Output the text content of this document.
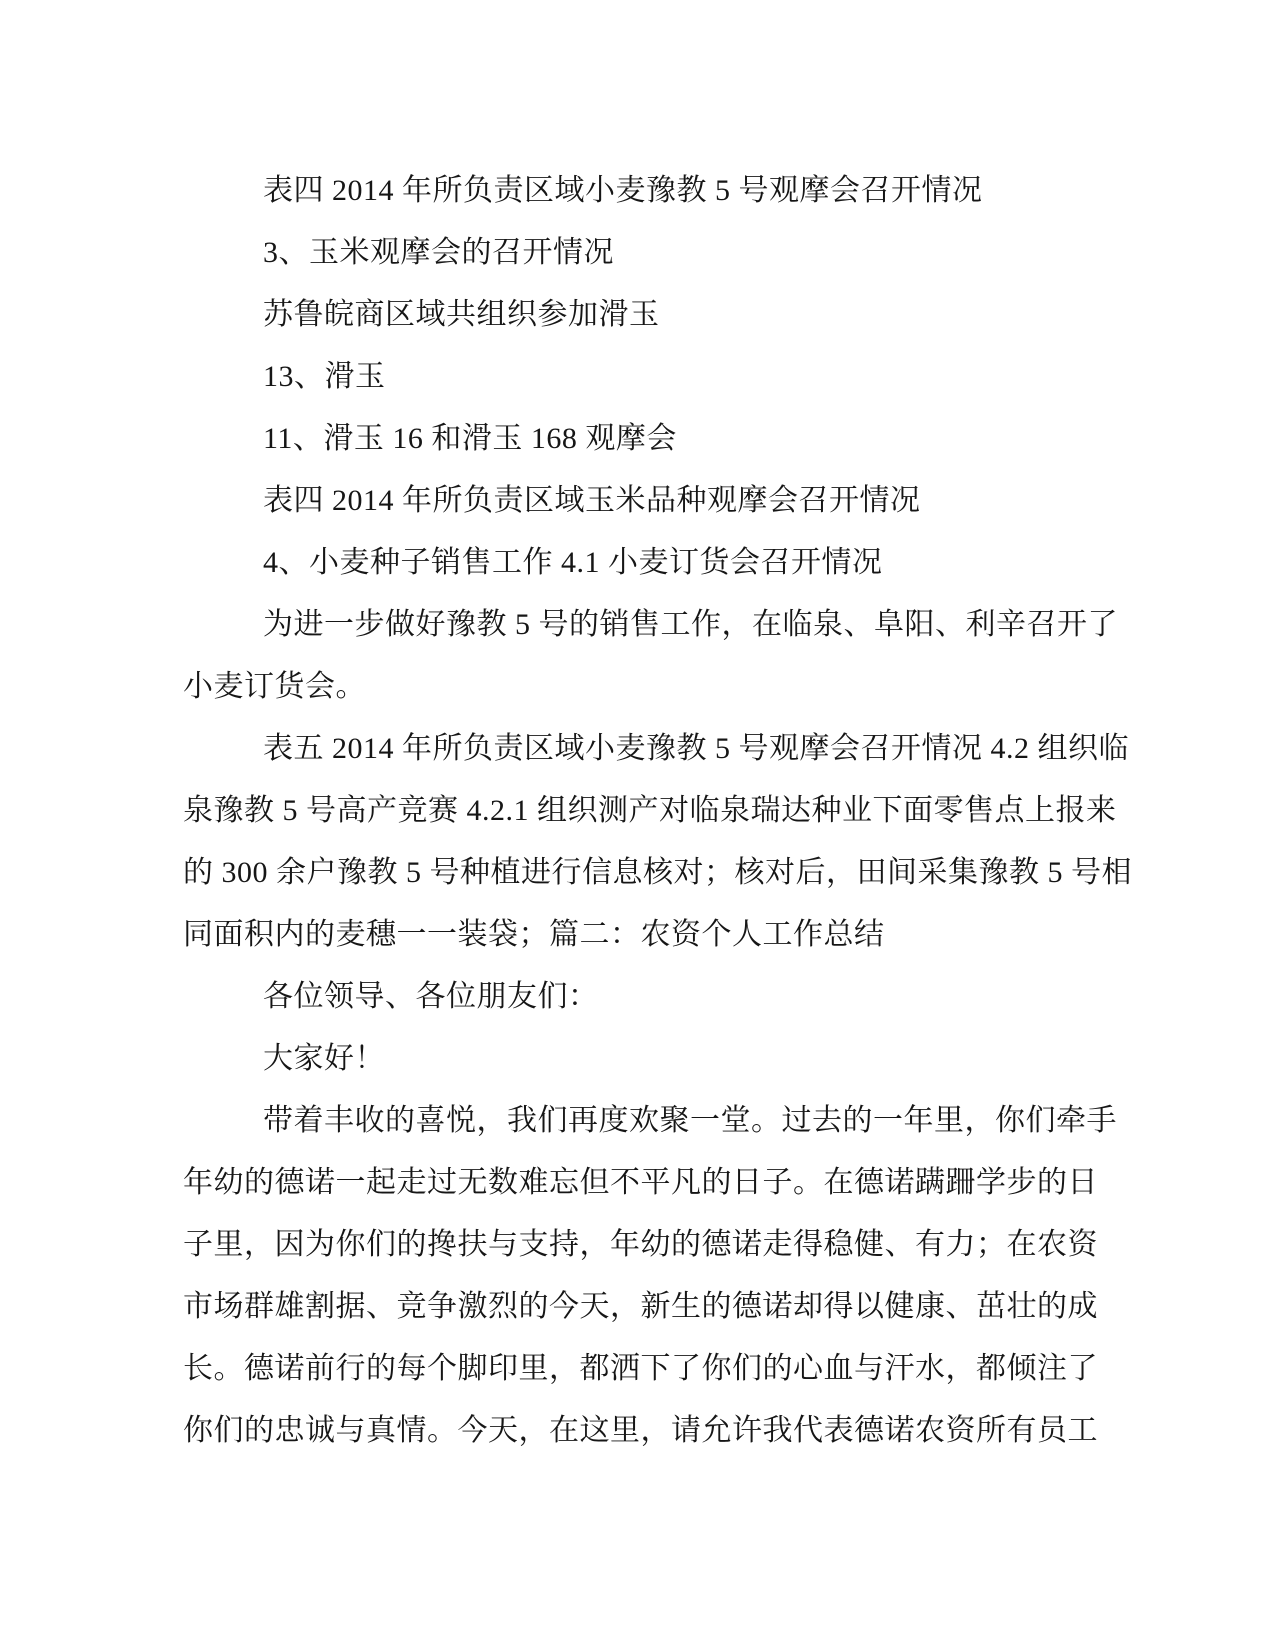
表四 2014 年所负责区域小麦豫教 5 号观摩会召开情况
3、玉米观摩会的召开情况
苏鲁皖商区域共组织参加滑玉
13、滑玉
11、滑玉 16 和滑玉 168 观摩会
表四 2014 年所负责区域玉米品种观摩会召开情况
4、小麦种子销售工作 4.1 小麦订货会召开情况
为进一步做好豫教 5 号的销售工作，在临泉、阜阳、利辛召开了
小麦订货会。
表五 2014 年所负责区域小麦豫教 5 号观摩会召开情况 4.2 组织临
泉豫教 5 号高产竞赛 4.2.1 组织测产对临泉瑞达种业下面零售点上报来
的 300 余户豫教 5 号种植进行信息核对；核对后，田间采集豫教 5 号相
同面积内的麦穗一一装袋；篇二：农资个人工作总结
各位领导、各位朋友们：
大家好！
带着丰收的喜悦，我们再度欢聚一堂。过去的一年里，你们牵手
年幼的德诺一起走过无数难忘但不平凡的日子。在德诺蹒跚学步的日
子里，因为你们的搀扶与支持，年幼的德诺走得稳健、有力；在农资
市场群雄割据、竞争激烈的今天，新生的德诺却得以健康、茁壮的成
长。德诺前行的每个脚印里，都洒下了你们的心血与汗水，都倾注了
你们的忠诚与真情。今天，在这里，请允许我代表德诺农资所有员工
